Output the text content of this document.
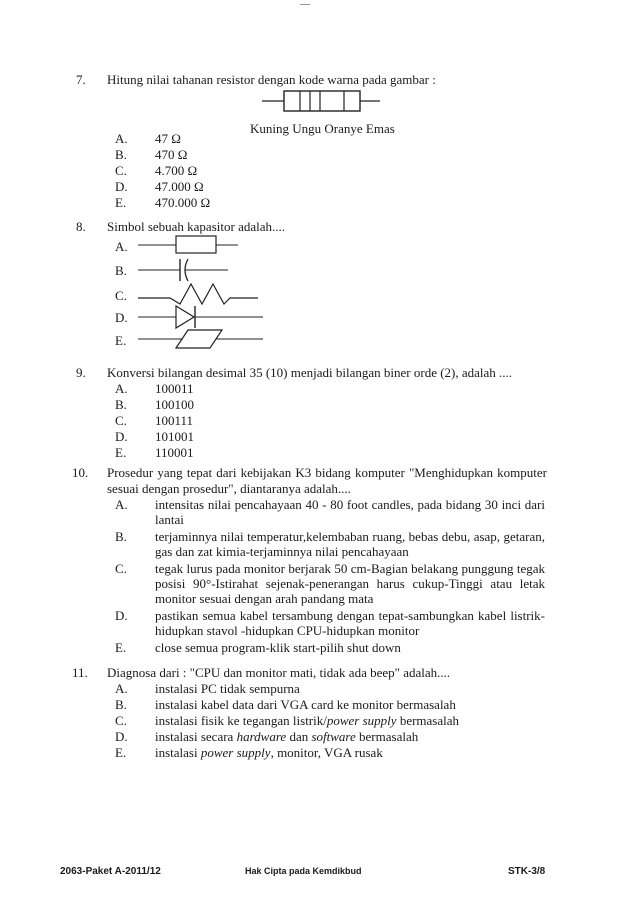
7. Hitung nilai tahanan resistor dengan kode warna pada gambar :
Kuning Ungu Oranye Emas
A. 47 Ω
B. 470 Ω
C. 4.700 Ω
D. 47.000 Ω
E. 470.000 Ω
8. Simbol sebuah kapasitor adalah....
A.
B.
C.
D.
E.
9. Konversi bilangan desimal 35 (10) menjadi bilangan biner orde (2), adalah ....
A. 100011
B. 100100
C. 100111
D. 101001
E. 110001
10. Prosedur yang tepat dari kebijakan K3 bidang komputer "Menghidupkan komputer
sesuai dengan prosedur", diantaranya adalah....
A. intensitas nilai pencahayaan 40 - 80 foot candles, pada bidang 30 inci dari
lantai
B. terjaminnya nilai temperatur,kelembaban ruang, bebas debu, asap, getaran,
gas dan zat kimia-terjaminnya nilai pencahayaan
C. tegak lurus pada monitor berjarak 50 cm-Bagian belakang punggung tegak
posisi 90°-Istirahat sejenak-penerangan harus cukup-Tinggi atau letak
monitor sesuai dengan arah pandang mata
D. pastikan semua kabel tersambung dengan tepat-sambungkan kabel listrik-
hidupkan stavol -hidupkan CPU-hidupkan monitor
E. close semua program-klik start-pilih shut down
11. Diagnosa dari : "CPU dan monitor mati, tidak ada beep" adalah....
A. instalasi PC tidak sempurna
B. instalasi kabel data dari VGA card ke monitor bermasalah
C. instalasi fisik ke tegangan listrik/power supply bermasalah
D. instalasi secara hardware dan software bermasalah
E. instalasi power supply, monitor, VGA rusak
2063-Paket A-2011/12	Hak Cipta pada Kemdikbud	STK-3/8
